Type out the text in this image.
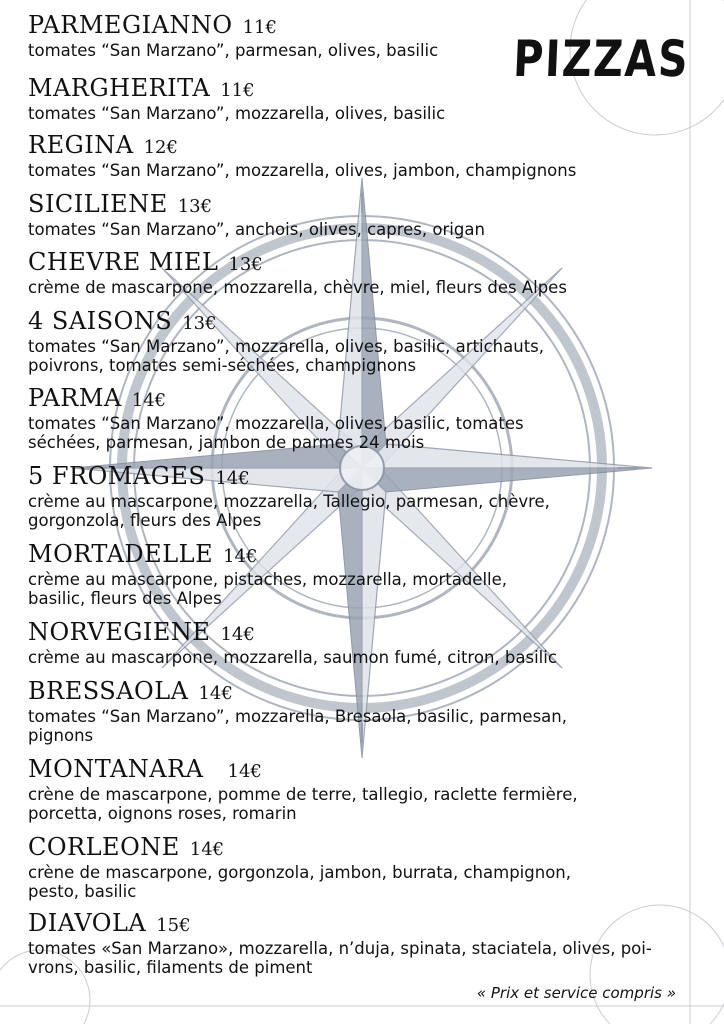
PIZZAS
PARMEGIANNO 11€
tomates “San Marzano”, parmesan, olives, basilic
MARGHERITA 11€
tomates “San Marzano”, mozzarella, olives, basilic
REGINA 12€
tomates “San Marzano”, mozzarella, olives, jambon, champignons
SICILIENE 13€
tomates “San Marzano”, anchois, olives, capres, origan
CHEVRE MIEL 13€
crème de mascarpone, mozzarella, chèvre, miel, fleurs des Alpes
4 SAISONS 13€
tomates “San Marzano”, mozzarella, olives, basilic, artichauts,
poivrons, tomates semi-séchées, champignons
PARMA 14€
tomates “San Marzano”, mozzarella, olives, basilic, tomates
séchées, parmesan, jambon de parmes 24 mois
5 FROMAGES 14€
crème au mascarpone, mozzarella, Tallegio, parmesan, chèvre,
gorgonzola, fleurs des Alpes
MORTADELLE 14€
crème au mascarpone, pistaches, mozzarella, mortadelle,
basilic, fleurs des Alpes
NORVEGIENE 14€
crème au mascarpone, mozzarella, saumon fumé, citron, basilic
BRESSAOLA 14€
tomates “San Marzano”, mozzarella, Bresaola, basilic, parmesan,
pignons
MONTANARA 14€
crène de mascarpone, pomme de terre, tallegio, raclette fermière,
porcetta, oignons roses, romarin
CORLEONE 14€
crène de mascarpone, gorgonzola, jambon, burrata, champignon,
pesto, basilic
DIAVOLA 15€
tomates «San Marzano», mozzarella, n’duja, spinata, staciatela, olives, poi-
vrons, basilic, filaments de piment
« Prix et service compris »
